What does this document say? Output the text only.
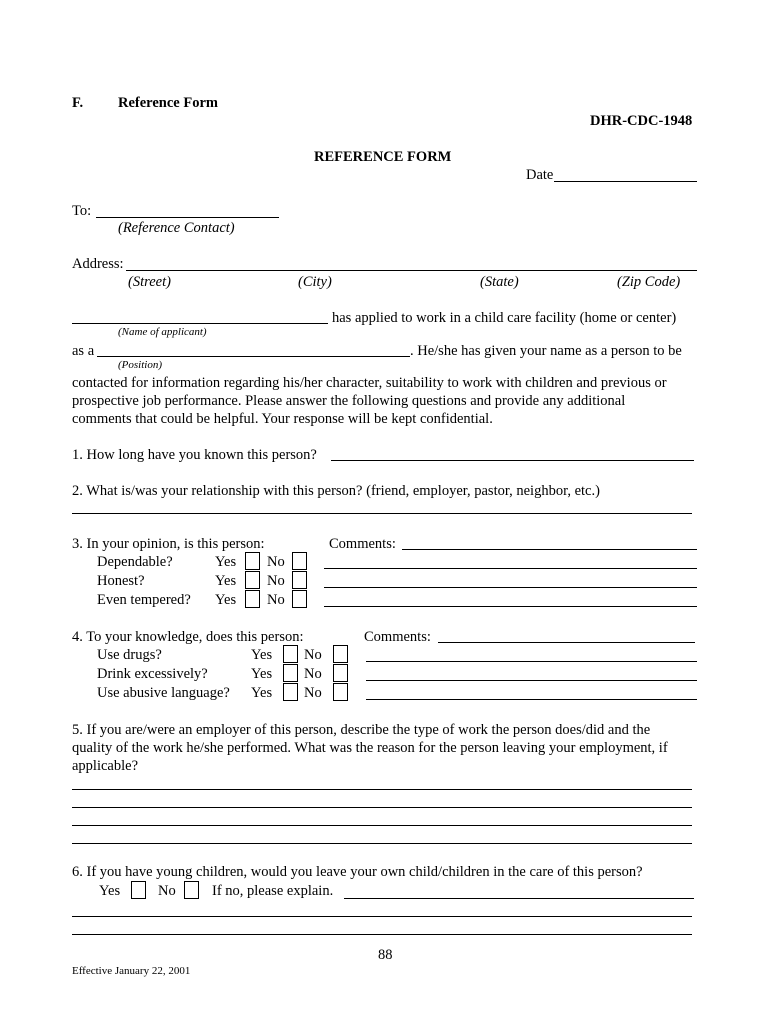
F. Reference Form
DHR-CDC-1948
REFERENCE FORM
Date
To:
(Reference Contact)
Address:
(Street)	(City)	(State)	(Zip Code)
has applied to work in a child care facility (home or center)
(Name of applicant)
as a	. He/she has given your name as a person to be
(Position)
contacted for information regarding his/her character, suitability to work with children and previous or
prospective job performance. Please answer the following questions and provide any additional
comments that could be helpful. Your response will be kept confidential.
1. How long have you known this person?
2. What is/was your relationship with this person? (friend, employer, pastor, neighbor, etc.)
3. In your opinion, is this person:	Comments:
Dependable?	Yes No
Honest?	Yes No
Even tempered? Yes No
4. To your knowledge, does this person:	Comments:
Use drugs?	Yes No
Drink excessively?	Yes No
Use abusive language? Yes No
5. If you are/were an employer of this person, describe the type of work the person does/did and the
quality of the work he/she performed. What was the reason for the person leaving your employment, if
applicable?
6. If you have young children, would you leave your own child/children in the care of this person?
Yes	No	If no, please explain.
88
Effective January 22, 2001
